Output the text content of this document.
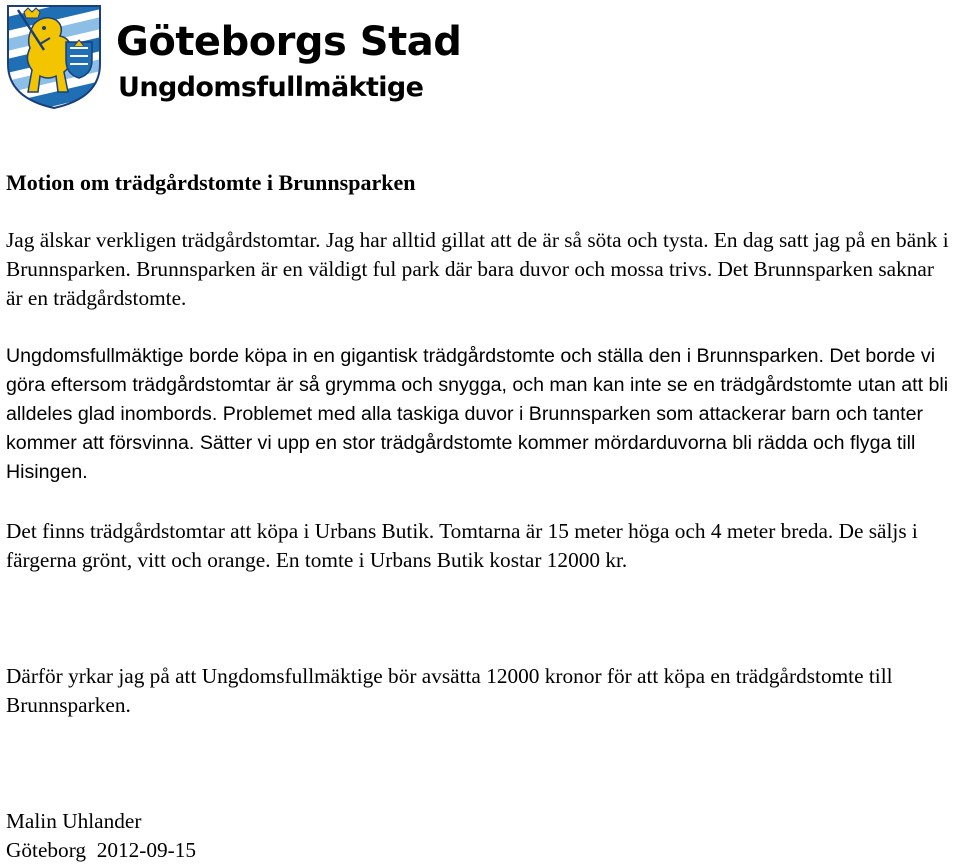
Göteborgs Stad
Ungdomsfullmäktige
Motion om trädgårdstomte i Brunnsparken

Jag älskar verkligen trädgårdstomtar. Jag har alltid gillat att de är så söta och tysta. En dag satt jag på en bänk i Brunnsparken. Brunnsparken är en väldigt ful park där bara duvor och mossa trivs. Det Brunnsparken saknar är en trädgårdstomte.

Ungdomsfullmäktige borde köpa in en gigantisk trädgårdstomte och ställa den i Brunnsparken. Det borde vi göra eftersom trädgårdstomtar är så grymma och snygga, och man kan inte se en trädgårdstomte utan att bli alldeles glad inombords. Problemet med alla taskiga duvor i Brunnsparken som attackerar barn och tanter kommer att försvinna. Sätter vi upp en stor trädgårdstomte kommer mördarduvorna bli rädda och flyga till Hisingen.

Det finns trädgårdstomtar att köpa i Urbans Butik. Tomtarna är 15 meter höga och 4 meter breda. De säljs i färgerna grönt, vitt och orange. En tomte i Urbans Butik kostar 12000 kr.

Därför yrkar jag på att Ungdomsfullmäktige bör avsätta 12000 kronor för att köpa en trädgårdstomte till Brunnsparken.

Malin Uhlander
Göteborg  2012-09-15
